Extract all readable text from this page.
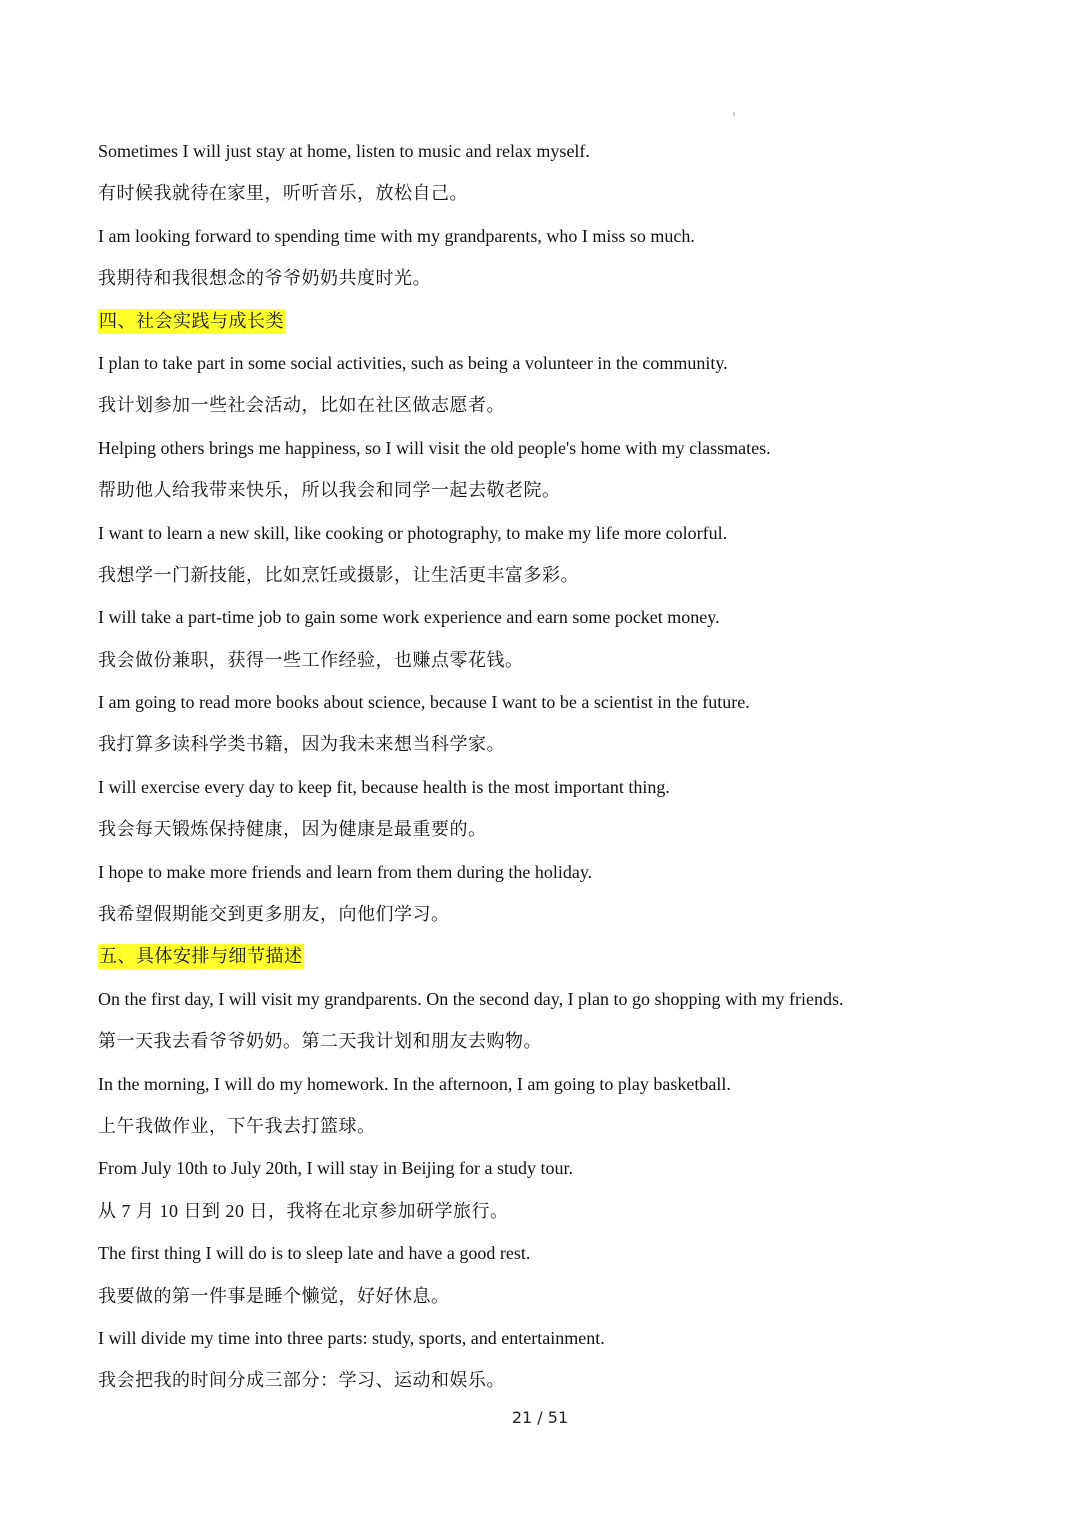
Sometimes I will just stay at home, listen to music and relax myself.
有时候我就待在家里，听听音乐，放松自己。
I am looking forward to spending time with my grandparents, who I miss so much.
我期待和我很想念的爷爷奶奶共度时光。
四、社会实践与成长类
I plan to take part in some social activities, such as being a volunteer in the community.
我计划参加一些社会活动，比如在社区做志愿者。
Helping others brings me happiness, so I will visit the old people's home with my classmates.
帮助他人给我带来快乐，所以我会和同学一起去敬老院。
I want to learn a new skill, like cooking or photography, to make my life more colorful.
我想学一门新技能，比如烹饪或摄影，让生活更丰富多彩。
I will take a part-time job to gain some work experience and earn some pocket money.
我会做份兼职，获得一些工作经验，也赚点零花钱。
I am going to read more books about science, because I want to be a scientist in the future.
我打算多读科学类书籍，因为我未来想当科学家。
I will exercise every day to keep fit, because health is the most important thing.
我会每天锻炼保持健康，因为健康是最重要的。
I hope to make more friends and learn from them during the holiday.
我希望假期能交到更多朋友，向他们学习。
五、具体安排与细节描述
On the first day, I will visit my grandparents. On the second day, I plan to go shopping with my friends.
第一天我去看爷爷奶奶。第二天我计划和朋友去购物。
In the morning, I will do my homework. In the afternoon, I am going to play basketball.
上午我做作业，下午我去打篮球。
From July 10th to July 20th, I will stay in Beijing for a study tour.
从 7 月 10 日到 20 日，我将在北京参加研学旅行。
The first thing I will do is to sleep late and have a good rest.
我要做的第一件事是睡个懒觉，好好休息。
I will divide my time into three parts: study, sports, and entertainment.
我会把我的时间分成三部分：学习、运动和娱乐。
21 / 51
